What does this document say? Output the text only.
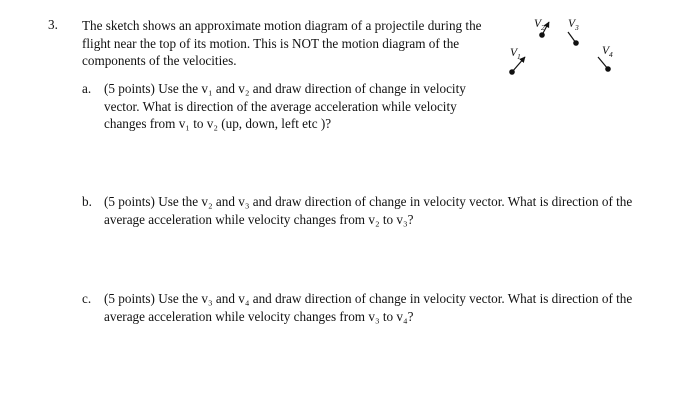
3. The sketch shows an approximate motion diagram of a projectile during the flight near the top of its motion. This is NOT the motion diagram of the components of the velocities.	$V_1$
$V_2$ $V_3$
$V_4$
a. (5 points) Use the v₁ and v₂ and draw direction of change in velocity vector. What is direction of the average acceleration while velocity changes from v₁ to v₂ (up, down, left etc )?
b. (5 points) Use the v₂ and v₃ and draw direction of change in velocity vector. What is direction of the average acceleration while velocity changes from v₂ to v₃?
c. (5 points) Use the v₃ and v₄ and draw direction of change in velocity vector. What is direction of the average acceleration while velocity changes from v₃ to v₄?
